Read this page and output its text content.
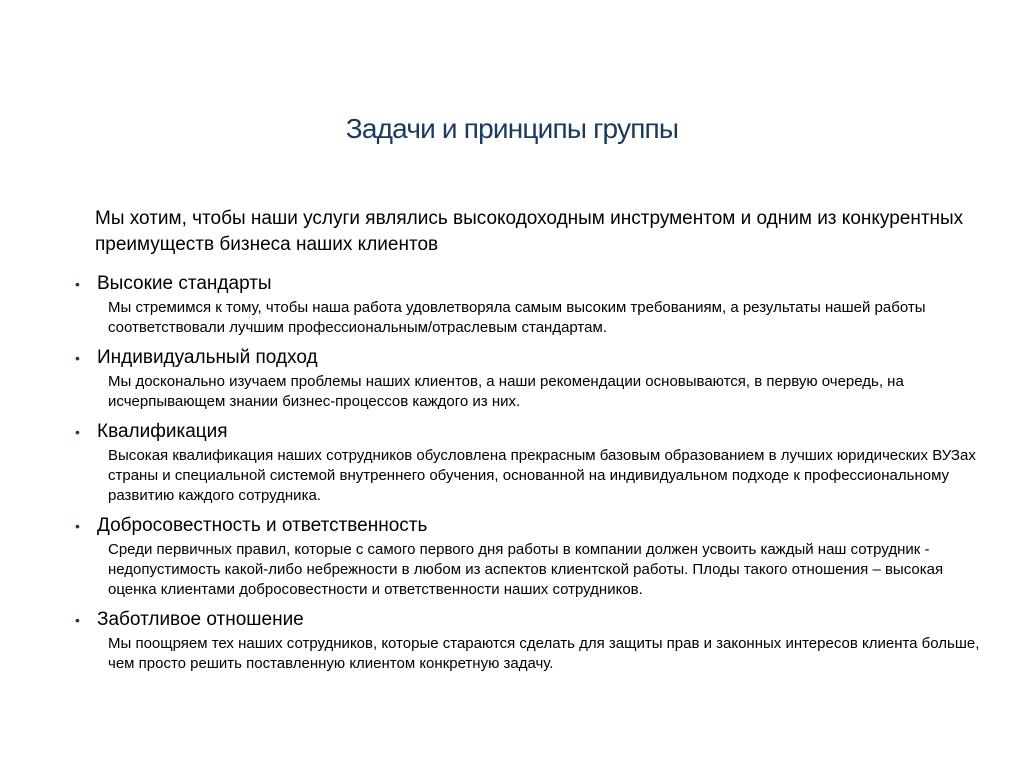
Задачи и принципы группы

Мы хотим, чтобы наши услуги являлись высокодоходным инструментом и одним из конкурентных преимуществ бизнеса наших клиентов

• Высокие стандарты
Мы стремимся к тому, чтобы наша работа удовлетворяла самым высоким требованиям, а результаты нашей работы соответствовали лучшим профессиональным/отраслевым стандартам.
• Индивидуальный подход
Мы досконально изучаем проблемы наших клиентов, а наши рекомендации основываются, в первую очередь, на исчерпывающем знании бизнес-процессов каждого из них.
• Квалификация
Высокая квалификация наших сотрудников обусловлена прекрасным базовым образованием в лучших юридических ВУЗах страны и специальной системой внутреннего обучения, основанной на индивидуальном подходе к профессиональному развитию каждого сотрудника.
• Добросовестность и ответственность
Среди первичных правил, которые с самого первого дня работы в компании должен усвоить каждый наш сотрудник - недопустимость какой-либо небрежности в любом из аспектов клиентской работы. Плоды такого отношения – высокая оценка клиентами добросовестности и ответственности наших сотрудников.
• Заботливое отношение
Мы поощряем тех наших сотрудников, которые стараются сделать для защиты прав и законных интересов клиента больше, чем просто решить поставленную клиентом конкретную задачу.
